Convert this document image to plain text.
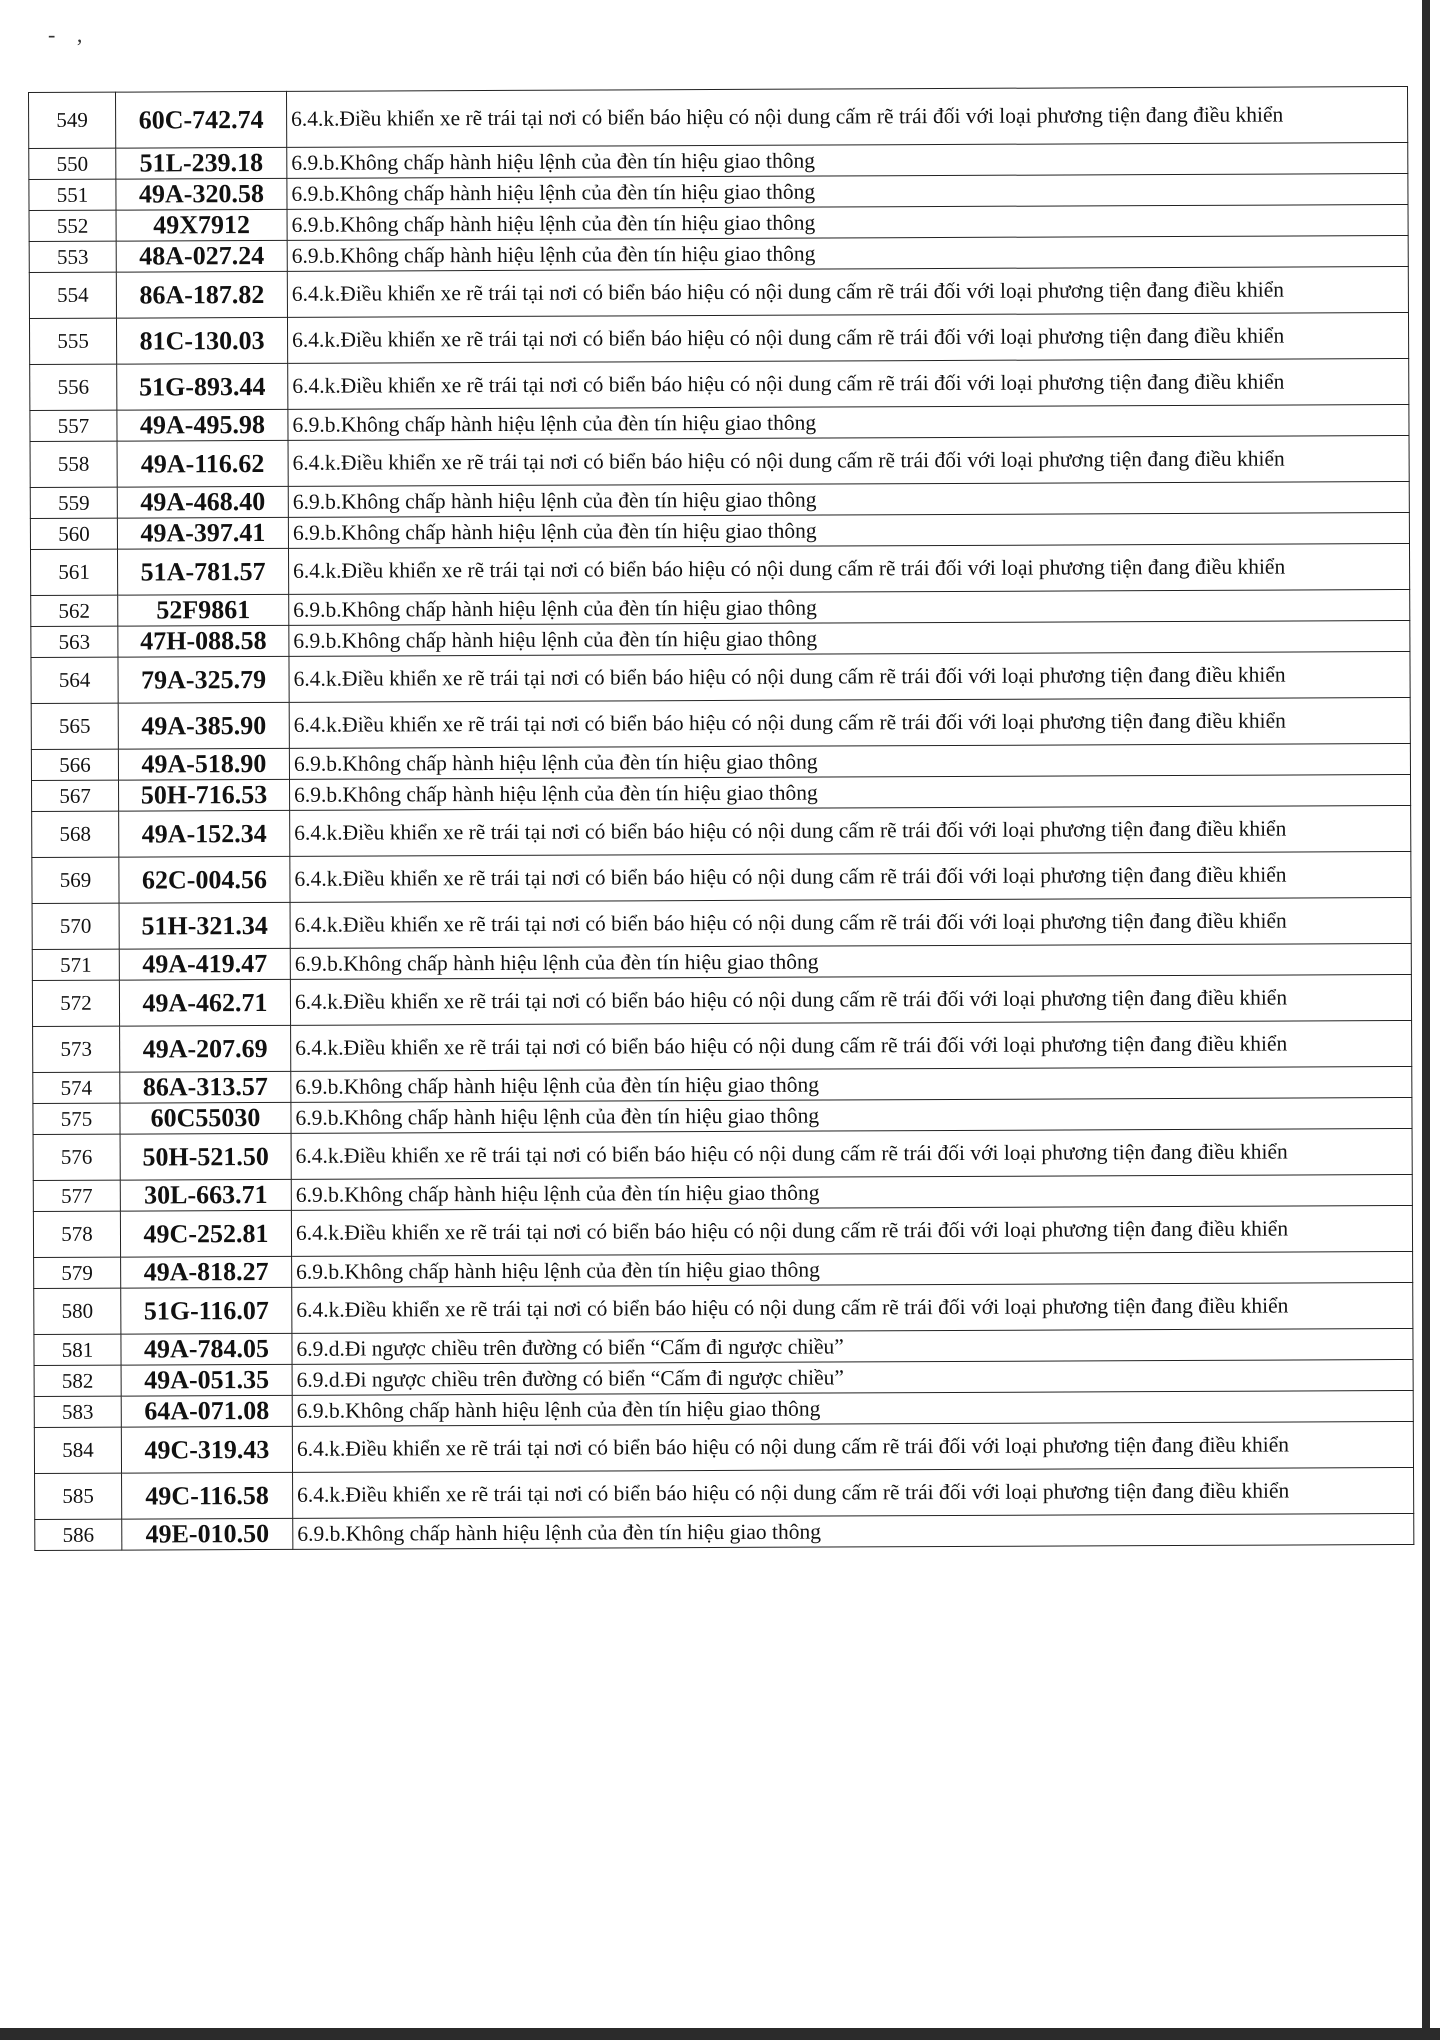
- ,
549	60C-742.74	6.4.k.Điều khiển xe rẽ trái tại nơi có biển báo hiệu có nội dung cấm rẽ trái đối với loại phương tiện đang điều khiển
550	51L-239.18	6.9.b.Không chấp hành hiệu lệnh của đèn tín hiệu giao thông
551	49A-320.58	6.9.b.Không chấp hành hiệu lệnh của đèn tín hiệu giao thông
552	49X7912	6.9.b.Không chấp hành hiệu lệnh của đèn tín hiệu giao thông
553	48A-027.24	6.9.b.Không chấp hành hiệu lệnh của đèn tín hiệu giao thông
554	86A-187.82	6.4.k.Điều khiển xe rẽ trái tại nơi có biển báo hiệu có nội dung cấm rẽ trái đối với loại phương tiện đang điều khiển
555	81C-130.03	6.4.k.Điều khiển xe rẽ trái tại nơi có biển báo hiệu có nội dung cấm rẽ trái đối với loại phương tiện đang điều khiển
556	51G-893.44	6.4.k.Điều khiển xe rẽ trái tại nơi có biển báo hiệu có nội dung cấm rẽ trái đối với loại phương tiện đang điều khiển
557	49A-495.98	6.9.b.Không chấp hành hiệu lệnh của đèn tín hiệu giao thông
558	49A-116.62	6.4.k.Điều khiển xe rẽ trái tại nơi có biển báo hiệu có nội dung cấm rẽ trái đối với loại phương tiện đang điều khiển
559	49A-468.40	6.9.b.Không chấp hành hiệu lệnh của đèn tín hiệu giao thông
560	49A-397.41	6.9.b.Không chấp hành hiệu lệnh của đèn tín hiệu giao thông
561	51A-781.57	6.4.k.Điều khiển xe rẽ trái tại nơi có biển báo hiệu có nội dung cấm rẽ trái đối với loại phương tiện đang điều khiển
562	52F9861	6.9.b.Không chấp hành hiệu lệnh của đèn tín hiệu giao thông
563	47H-088.58	6.9.b.Không chấp hành hiệu lệnh của đèn tín hiệu giao thông
564	79A-325.79	6.4.k.Điều khiển xe rẽ trái tại nơi có biển báo hiệu có nội dung cấm rẽ trái đối với loại phương tiện đang điều khiển
565	49A-385.90	6.4.k.Điều khiển xe rẽ trái tại nơi có biển báo hiệu có nội dung cấm rẽ trái đối với loại phương tiện đang điều khiển
566	49A-518.90	6.9.b.Không chấp hành hiệu lệnh của đèn tín hiệu giao thông
567	50H-716.53	6.9.b.Không chấp hành hiệu lệnh của đèn tín hiệu giao thông
568	49A-152.34	6.4.k.Điều khiển xe rẽ trái tại nơi có biển báo hiệu có nội dung cấm rẽ trái đối với loại phương tiện đang điều khiển
569	62C-004.56	6.4.k.Điều khiển xe rẽ trái tại nơi có biển báo hiệu có nội dung cấm rẽ trái đối với loại phương tiện đang điều khiển
570	51H-321.34	6.4.k.Điều khiển xe rẽ trái tại nơi có biển báo hiệu có nội dung cấm rẽ trái đối với loại phương tiện đang điều khiển
571	49A-419.47	6.9.b.Không chấp hành hiệu lệnh của đèn tín hiệu giao thông
572	49A-462.71	6.4.k.Điều khiển xe rẽ trái tại nơi có biển báo hiệu có nội dung cấm rẽ trái đối với loại phương tiện đang điều khiển
573	49A-207.69	6.4.k.Điều khiển xe rẽ trái tại nơi có biển báo hiệu có nội dung cấm rẽ trái đối với loại phương tiện đang điều khiển
574	86A-313.57	6.9.b.Không chấp hành hiệu lệnh của đèn tín hiệu giao thông
575	60C55030	6.9.b.Không chấp hành hiệu lệnh của đèn tín hiệu giao thông
576	50H-521.50	6.4.k.Điều khiển xe rẽ trái tại nơi có biển báo hiệu có nội dung cấm rẽ trái đối với loại phương tiện đang điều khiển
577	30L-663.71	6.9.b.Không chấp hành hiệu lệnh của đèn tín hiệu giao thông
578	49C-252.81	6.4.k.Điều khiển xe rẽ trái tại nơi có biển báo hiệu có nội dung cấm rẽ trái đối với loại phương tiện đang điều khiển
579	49A-818.27	6.9.b.Không chấp hành hiệu lệnh của đèn tín hiệu giao thông
580	51G-116.07	6.4.k.Điều khiển xe rẽ trái tại nơi có biển báo hiệu có nội dung cấm rẽ trái đối với loại phương tiện đang điều khiển
581	49A-784.05	6.9.d.Đi ngược chiều trên đường có biển “Cấm đi ngược chiều”
582	49A-051.35	6.9.d.Đi ngược chiều trên đường có biển “Cấm đi ngược chiều”
583	64A-071.08	6.9.b.Không chấp hành hiệu lệnh của đèn tín hiệu giao thông
584	49C-319.43	6.4.k.Điều khiển xe rẽ trái tại nơi có biển báo hiệu có nội dung cấm rẽ trái đối với loại phương tiện đang điều khiển
585	49C-116.58	6.4.k.Điều khiển xe rẽ trái tại nơi có biển báo hiệu có nội dung cấm rẽ trái đối với loại phương tiện đang điều khiển
586	49E-010.50	6.9.b.Không chấp hành hiệu lệnh của đèn tín hiệu giao thông
